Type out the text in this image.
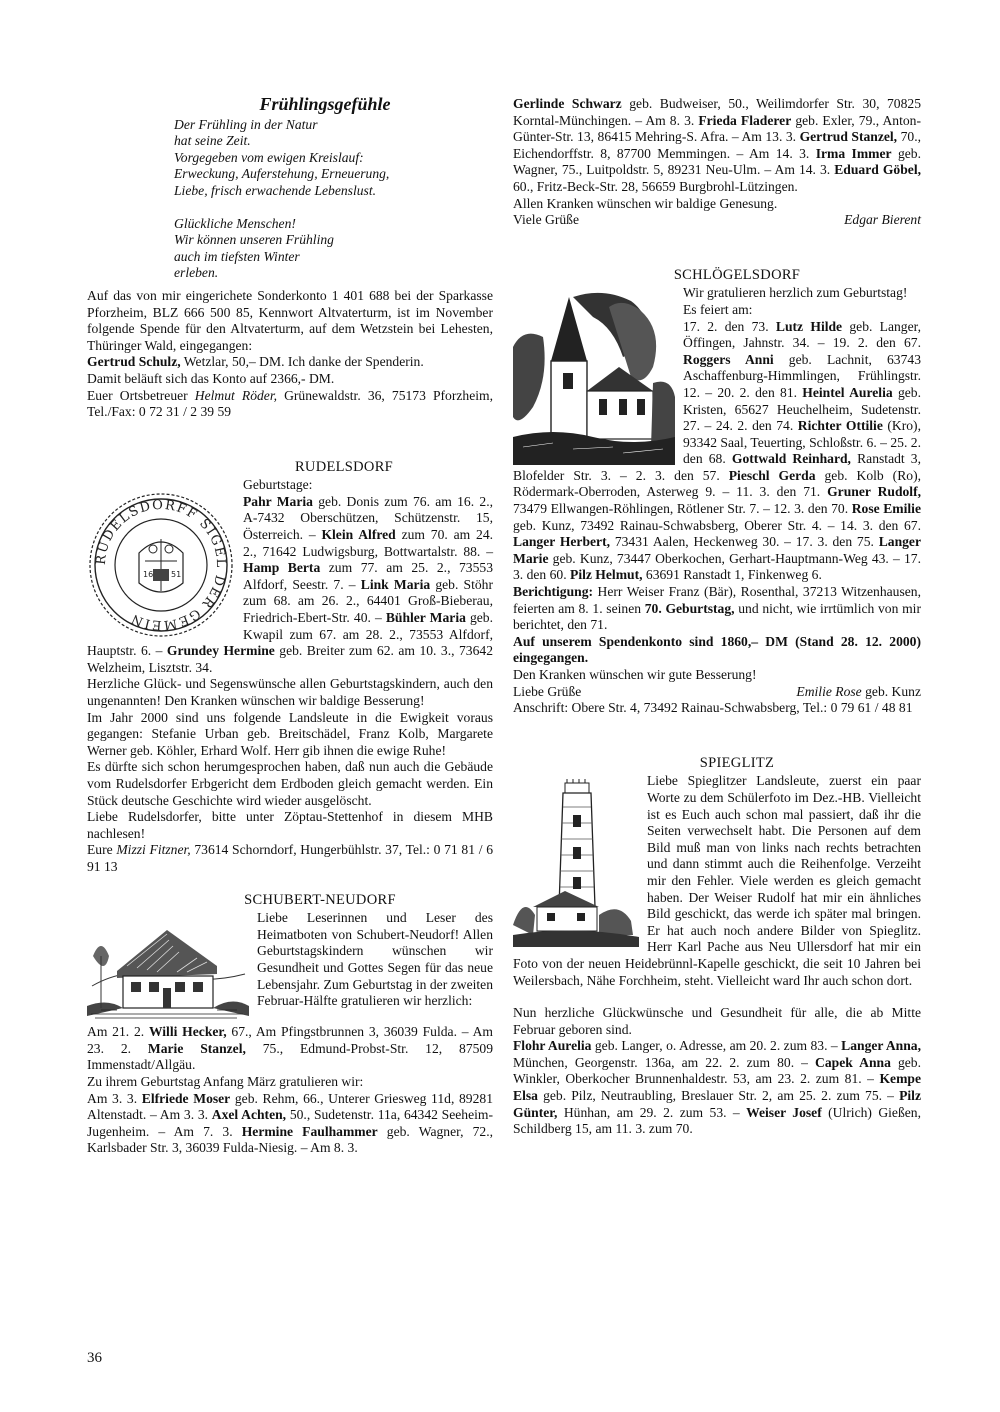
Frühlingsgefühle

Der Frühling in der Natur

hat seine Zeit.

Vorgegeben vom ewigen Kreislauf:

Erweckung, Auferstehung, Erneuerung,

Liebe, frisch erwachende Lebenslust.

Glückliche Menschen!

Wir können unseren Frühling

auch im tiefsten Winter

erleben.

Auf das von mir eingerichete Sonderkonto 1 401 688 bei der Sparkasse Pforzheim, BLZ 666 500 85, Kennwort Altvaterturm, ist im November folgende Spende für den Altvaterturm, auf dem Wetzstein bei Lehesten, Thüringer Wald, eingegangen:

Gertrud Schulz, Wetzlar, 50,– DM. Ich danke der Spenderin.

Damit beläuft sich das Konto auf 2366,- DM.

Euer Ortsbetreuer Helmut Röder, Grünewaldstr. 36, 75173 Pforzheim, Tel./Fax: 0 72 31 / 2 39 59

RUDELSDORF
RUDELSDORFF SIGEL DER GEMEIN
16 51

Geburtstage:

Pahr Maria geb. Donis zum 76. am 16. 2., A-7432 Oberschützen, Schützenstr. 15, Österreich. – Klein Alfred zum 70. am 24. 2., 71642 Ludwigsburg, Bottwartalstr. 88. – Hamp Berta zum 77. am 25. 2., 73553 Alfdorf, Seestr. 7. – Link Maria geb. Stöhr zum 68. am 26. 2., 64401 Groß-Bieberau, Friedrich-Ebert-Str. 40. – Bühler Maria geb. Kwapil zum 67. am 28. 2., 73553 Alfdorf, Hauptstr. 6. – Grundey Hermine geb. Breiter zum 62. am 10. 3., 73642 Welzheim, Lisztstr. 34.

Herzliche Glück- und Segenswünsche allen Geburtstagskindern, auch den ungenannten! Den Kranken wünschen wir baldige Besserung!

Im Jahr 2000 sind uns folgende Landsleute in die Ewigkeit voraus gegangen: Stefanie Urban geb. Breitschädel, Franz Kolb, Margarete Werner geb. Köhler, Erhard Wolf. Herr gib ihnen die ewige Ruhe!

Es dürfte sich schon herumgesprochen haben, daß nun auch die Gebäude vom Rudelsdorfer Erbgericht dem Erdboden gleich gemacht werden. Ein Stück deutsche Geschichte wird wieder ausgelöscht.

Liebe Rudelsdorfer, bitte unter Zöptau-Stettenhof in diesem MHB nachlesen!

Eure Mizzi Fitzner, 73614 Schorndorf, Hungerbühlstr. 37, Tel.: 0 71 81 / 6 91 13

SCHUBERT-NEUDORF

Liebe Leserinnen und Leser des Heimatboten von Schubert-Neudorf! Allen Geburtstagskindern wünschen wir Gesundheit und Gottes Segen für das neue Lebensjahr. Zum Geburtstag in der zweiten Februar-Hälfte gratulieren wir herzlich:

Am 21. 2. Willi Hecker, 67., Am Pfingstbrunnen 3, 36039 Fulda. – Am 23. 2. Marie Stanzel, 75., Edmund-Probst-Str. 12, 87509 Immenstadt/Allgäu.

Zu ihrem Geburtstag Anfang März gratulieren wir:

Am 3. 3. Elfriede Moser geb. Rehm, 66., Unterer Griesweg 11d, 89281 Altenstadt. – Am 3. 3. Axel Achten, 50., Sudetenstr. 11a, 64342 Seeheim-Jugenheim. – Am 7. 3. Hermine Faulhammer geb. Wagner, 72., Karlsbader Str. 3, 36039 Fulda-Niesig. – Am 8. 3.

Gerlinde Schwarz geb. Budweiser, 50., Weilimdorfer Str. 30, 70825 Korntal-Münchingen. – Am 8. 3. Frieda Fladerer geb. Exler, 79., Anton-Günter-Str. 13, 86415 Mehring-S. Afra. – Am 13. 3. Gertrud Stanzel, 70., Eichendorffstr. 8, 87700 Memmingen. – Am 14. 3. Irma Immer geb. Wagner, 75., Luitpoldstr. 5, 89231 Neu-Ulm. – Am 14. 3. Eduard Göbel, 60., Fritz-Beck-Str. 28, 56659 Burgbrohl-Lützingen.

Allen Kranken wünschen wir baldige Genesung.

Viele Grüße	Edgar Bierent
SCHLÖGELSDORF

Wir gratulieren herzlich zum Geburtstag!

Es feiert am:

17. 2. den 73. Lutz Hilde geb. Langer, Öffingen, Jahnstr. 34. – 19. 2. den 67. Roggers Anni geb. Lachnit, 63743 Aschaffenburg-Himmlingen, Frühlingstr. 12. – 20. 2. den 81. Heintel Aurelia geb. Kristen, 65627 Heuchelheim, Sudetenstr. 27. – 24. 2. den 74. Richter Ottilie (Kro), 93342 Saal, Teuerting, Schloßstr. 6. – 25. 2. den 68. Gottwald Reinhard, Ranstadt 3, Blofelder Str. 3. – 2. 3. den 57. Pieschl Gerda geb. Kolb (Ro), Rödermark-Oberroden, Asterweg 9. – 11. 3. den 71. Gruner Rudolf, 73479 Ellwangen-Röhlingen, Rötlener Str. 7. – 12. 3. den 70. Rose Emilie geb. Kunz, 73492 Rainau-Schwabsberg, Oberer Str. 4. – 14. 3. den 67. Langer Herbert, 73431 Aalen, Heckenweg 30. – 17. 3. den 75. Langer Marie geb. Kunz, 73447 Oberkochen, Gerhart-Hauptmann-Weg 43. – 17. 3. den 60. Pilz Helmut, 63691 Ranstadt 1, Finkenweg 6.

Berichtigung: Herr Weiser Franz (Bär), Rosenthal, 37213 Witzenhausen, feierten am 8. 1. seinen 70. Geburtstag, und nicht, wie irrtümlich von mir berichtet, den 71.

Auf unserem Spendenkonto sind 1860,– DM (Stand 28. 12. 2000) eingegangen.

Den Kranken wünschen wir gute Besserung!

Liebe Grüße	Emilie Rose geb. Kunz

Anschrift: Obere Str. 4, 73492 Rainau-Schwabsberg, Tel.: 0 79 61 / 48 81

SPIEGLITZ

Liebe Spieglitzer Landsleute, zuerst ein paar Worte zu dem Schülerfoto im Dez.-HB. Vielleicht ist es Euch auch schon mal passiert, daß ihr die Seiten verwechselt habt. Die Personen auf dem Bild muß man von links nach rechts betrachten und dann stimmt auch die Reihenfolge. Verzeiht mir den Fehler. Viele werden es gleich gemacht haben. Der Weiser Rudolf hat mir ein ähnliches Bild geschickt, das werde ich später mal bringen. Er hat auch noch andere Bilder von Spieglitz. Herr Karl Pache aus Neu Ullersdorf hat mir ein Foto von der neuen Heidebrünnl-Kapelle geschickt, die seit 10 Jahren bei Weilersbach, Nähe Forchheim, steht. Vielleicht ward Ihr auch schon dort.

Nun herzliche Glückwünsche und Gesundheit für alle, die ab Mitte Februar geboren sind.

Flohr Aurelia geb. Langer, o. Adresse, am 20. 2. zum 83. – Langer Anna, München, Georgenstr. 136a, am 22. 2. zum 80. – Capek Anna geb. Winkler, Oberkocher Brunnenhaldestr. 53, am 23. 2. zum 81. – Kempe Elsa geb. Pilz, Neutraubling, Breslauer Str. 2, am 25. 2. zum 75. – Pilz Günter, Hünhan, am 29. 2. zum 53. – Weiser Josef (Ulrich) Gießen, Schildberg 15, am 11. 3. zum 70.

36
